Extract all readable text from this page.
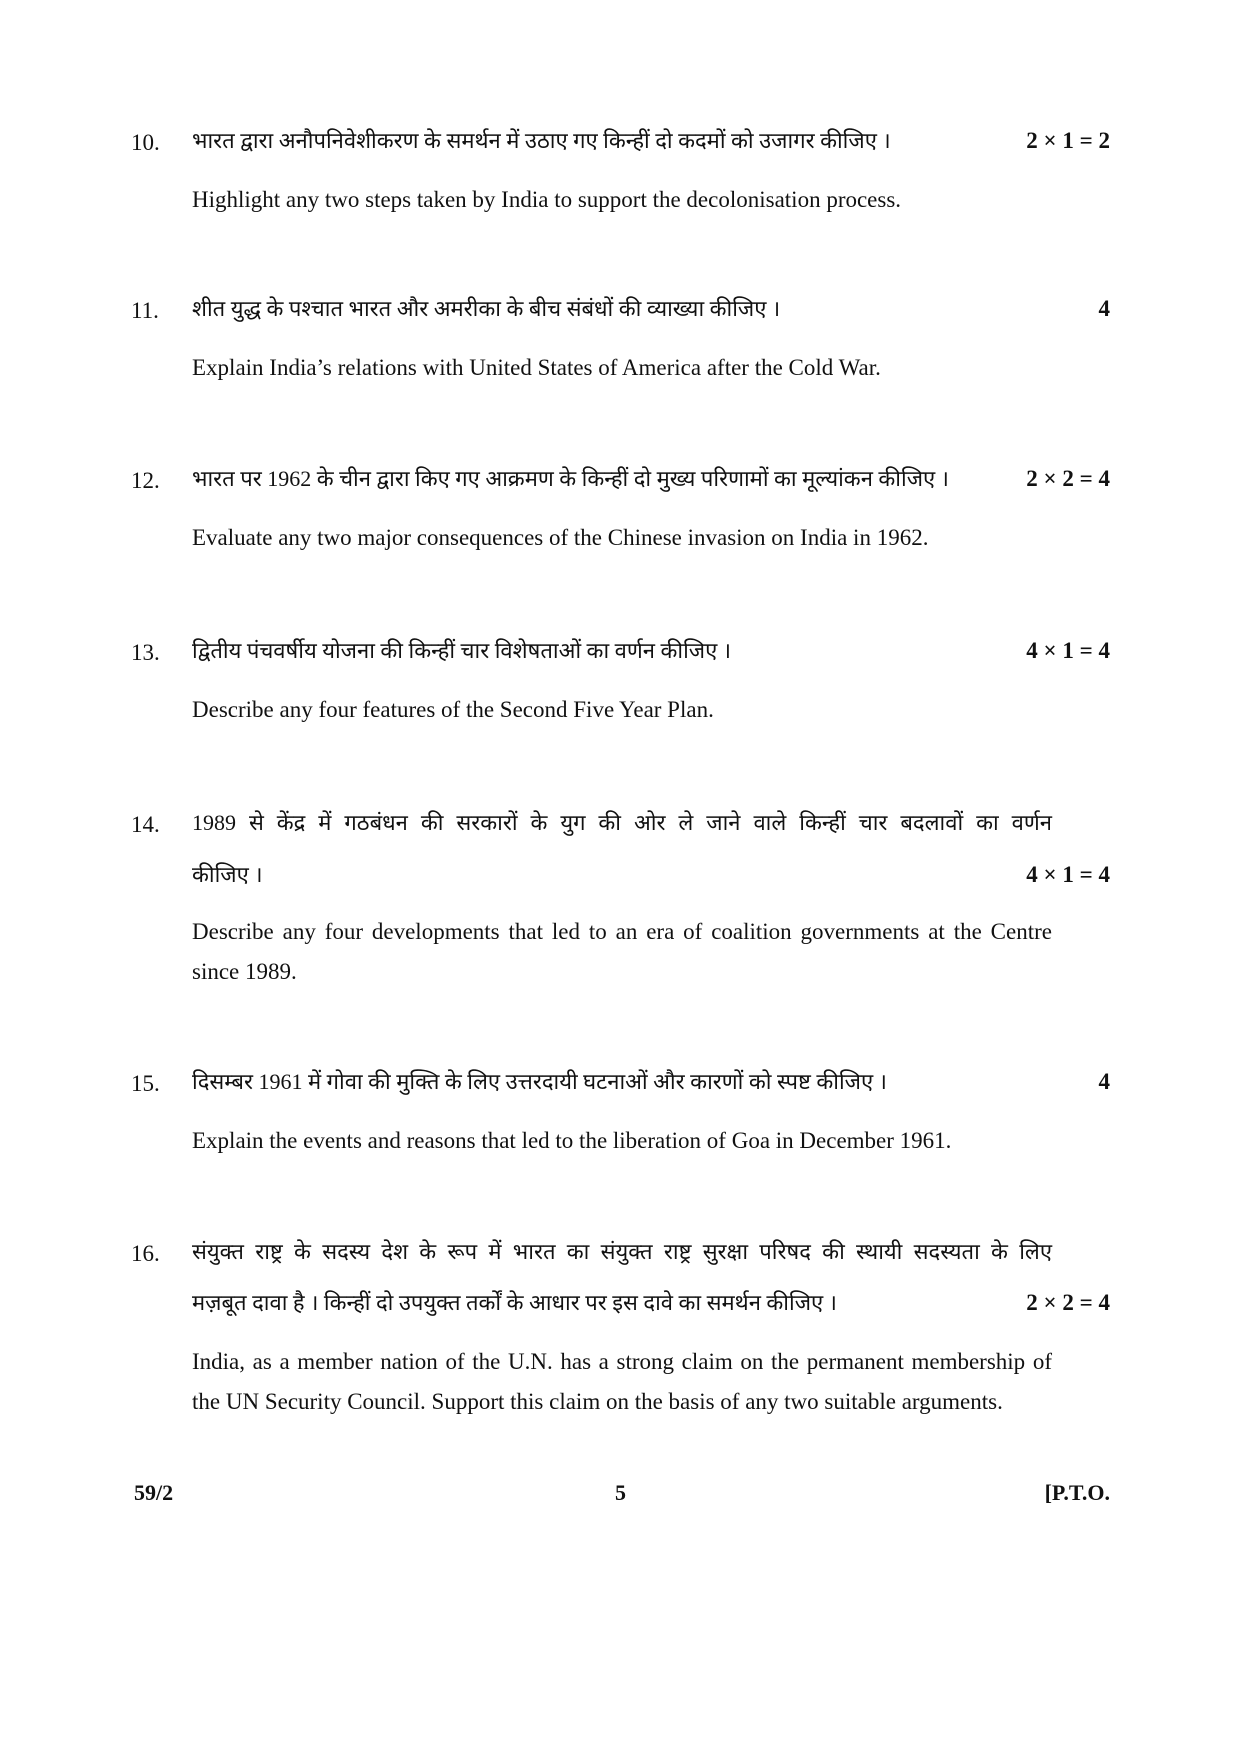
10. भारत द्वारा अनौपनिवेशीकरण के समर्थन में उठाए गए किन्हीं दो कदमों को उजागर कीजिए ।	2 × 1 = 2
Highlight any two steps taken by India to support the decolonisation process.
11. शीत युद्ध के पश्चात भारत और अमरीका के बीच संबंधों की व्याख्या कीजिए ।	4
Explain India’s relations with United States of America after the Cold War.
12. भारत पर 1962 के चीन द्वारा किए गए आक्रमण के किन्हीं दो मुख्य परिणामों का मूल्यांकन कीजिए ।	2 × 2 = 4
Evaluate any two major consequences of the Chinese invasion on India in 1962.
13. द्वितीय पंचवर्षीय योजना की किन्हीं चार विशेषताओं का वर्णन कीजिए ।	4 × 1 = 4
Describe any four features of the Second Five Year Plan.
14. 1989 से केंद्र में गठबंधन की सरकारों के युग की ओर ले जाने वाले किन्हीं चार बदलावों का वर्णन
कीजिए ।	4 × 1 = 4
Describe any four developments that led to an era of coalition governments at the Centre since 1989.
15. दिसम्बर 1961 में गोवा की मुक्ति के लिए उत्तरदायी घटनाओं और कारणों को स्पष्ट कीजिए ।	4
Explain the events and reasons that led to the liberation of Goa in December 1961.
16. संयुक्त राष्ट्र के सदस्य देश के रूप में भारत का संयुक्त राष्ट्र सुरक्षा परिषद की स्थायी सदस्यता के लिए
मज़बूत दावा है । किन्हीं दो उपयुक्त तर्कों के आधार पर इस दावे का समर्थन कीजिए ।	2 × 2 = 4
India, as a member nation of the U.N. has a strong claim on the permanent membership of the UN Security Council. Support this claim on the basis of any two suitable arguments.
59/2	5	[P.T.O.
